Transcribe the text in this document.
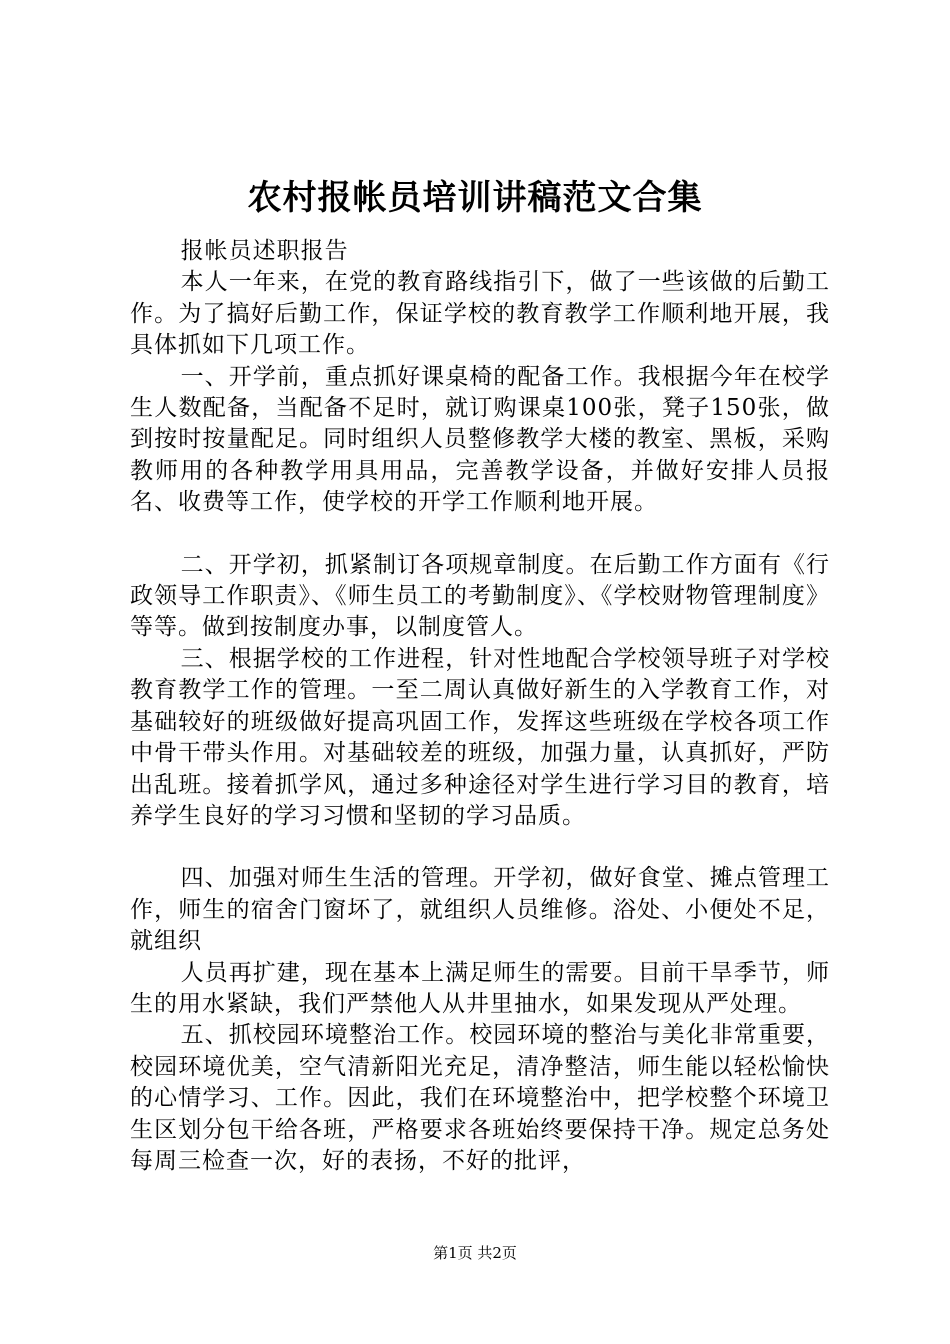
农村报帐员培训讲稿范文合集

报帐员述职报告

本人一年来，在党的教育路线指引下，做了一些该做的后勤工作。为了搞好后勤工作，保证学校的教育教学工作顺利地开展，我具体抓如下几项工作。

一、开学前，重点抓好课桌椅的配备工作。我根据今年在校学生人数配备，当配备不足时，就订购课桌100张，凳子150张，做到按时按量配足。同时组织人员整修教学大楼的教室、黑板，采购教师用的各种教学用具用品，完善教学设备，并做好安排人员报名、收费等工作，使学校的开学工作顺利地开展。

二、开学初，抓紧制订各项规章制度。在后勤工作方面有《行政领导工作职责》、《师生员工的考勤制度》、《学校财物管理制度》等等。做到按制度办事，以制度管人。

三、根据学校的工作进程，针对性地配合学校领导班子对学校教育教学工作的管理。一至二周认真做好新生的入学教育工作，对基础较好的班级做好提高巩固工作，发挥这些班级在学校各项工作中骨干带头作用。对基础较差的班级，加强力量，认真抓好，严防出乱班。接着抓学风，通过多种途径对学生进行学习目的教育，培养学生良好的学习习惯和坚韧的学习品质。

四、加强对师生生活的管理。开学初，做好食堂、摊点管理工作，师生的宿舍门窗坏了，就组织人员维修。浴处、小便处不足，就组织

人员再扩建，现在基本上满足师生的需要。目前干旱季节，师生的用水紧缺，我们严禁他人从井里抽水，如果发现从严处理。

五、抓校园环境整治工作。校园环境的整治与美化非常重要，校园环境优美，空气清新阳光充足，清净整洁，师生能以轻松愉快的心情学习、工作。因此，我们在环境整治中，把学校整个环境卫生区划分包干给各班，严格要求各班始终要保持干净。规定总务处每周三检查一次，好的表扬，不好的批评，

第1页 共2页
